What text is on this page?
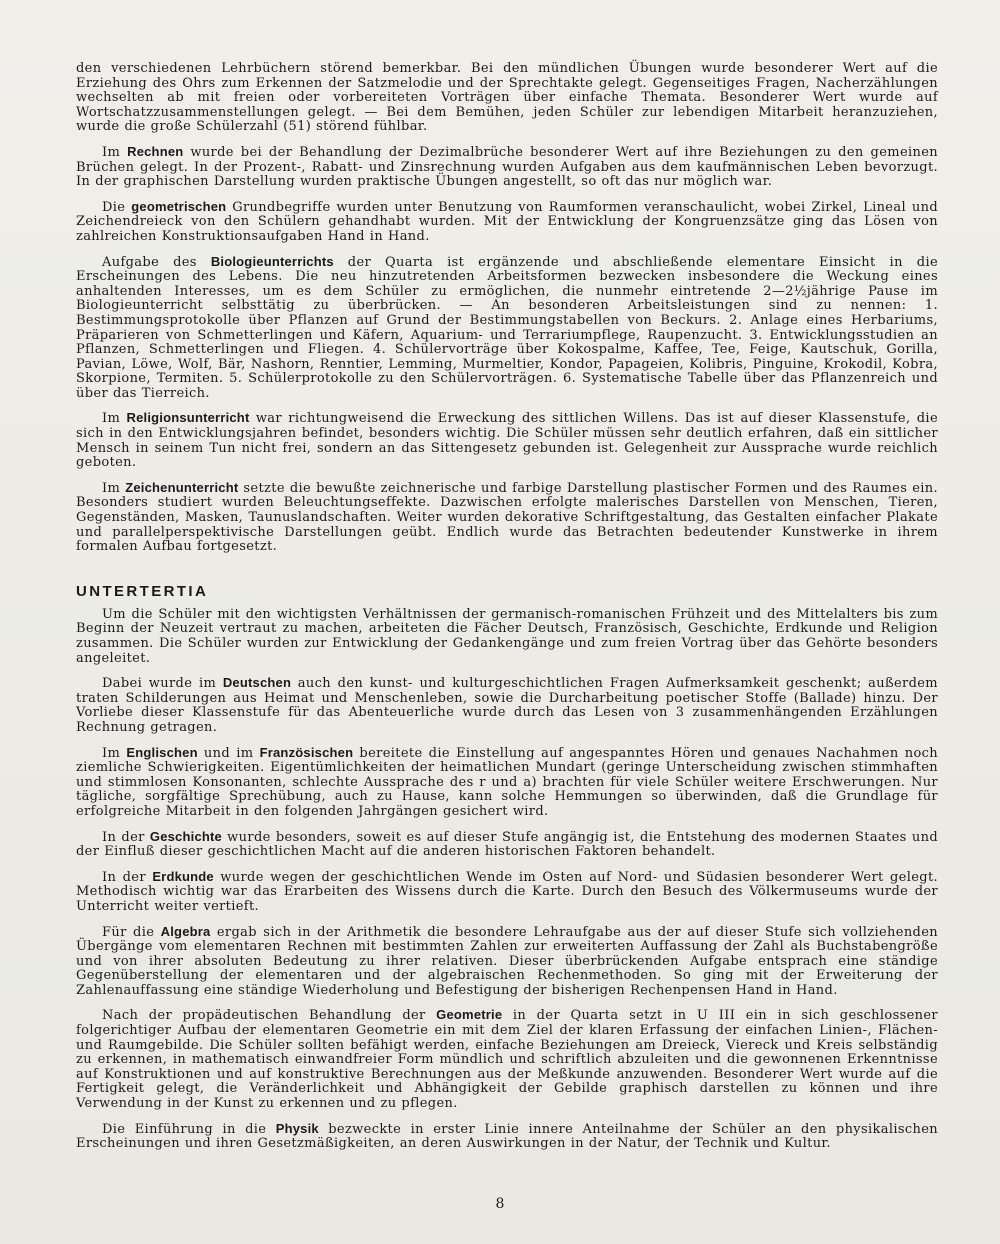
den verschiedenen Lehrbüchern störend bemerkbar. Bei den mündlichen Übungen wurde besonderer Wert auf die Erziehung des Ohrs zum Erkennen der Satzmelodie und der Sprechtakte gelegt. Gegenseitiges Fragen, Nacherzählungen wechselten ab mit freien oder vorbereiteten Vorträgen über einfache Themata. Besonderer Wert wurde auf Wortschatzzusammenstellungen gelegt. — Bei dem Bemühen, jeden Schüler zur lebendigen Mitarbeit heranzuziehen, wurde die große Schülerzahl (51) störend fühlbar.

Im Rechnen wurde bei der Behandlung der Dezimalbrüche besonderer Wert auf ihre Beziehungen zu den gemeinen Brüchen gelegt. In der Prozent-, Rabatt- und Zinsrechnung wurden Aufgaben aus dem kaufmännischen Leben bevorzugt. In der graphischen Darstellung wurden praktische Übungen angestellt, so oft das nur möglich war.

Die geometrischen Grundbegriffe wurden unter Benutzung von Raumformen veranschaulicht, wobei Zirkel, Lineal und Zeichendreieck von den Schülern gehandhabt wurden. Mit der Entwicklung der Kongruenzsätze ging das Lösen von zahlreichen Konstruktionsaufgaben Hand in Hand.

Aufgabe des Biologieunterrichts der Quarta ist ergänzende und abschließende elementare Einsicht in die Erscheinungen des Lebens. Die neu hinzutretenden Arbeitsformen bezwecken insbesondere die Weckung eines anhaltenden Interesses, um es dem Schüler zu ermöglichen, die nunmehr eintretende 2—2½jährige Pause im Biologieunterricht selbsttätig zu überbrücken. — An besonderen Arbeitsleistungen sind zu nennen: 1. Bestimmungsprotokolle über Pflanzen auf Grund der Bestimmungstabellen von Beckurs. 2. Anlage eines Herbariums, Präparieren von Schmetterlingen und Käfern, Aquarium- und Terrariumpflege, Raupenzucht. 3. Entwicklungsstudien an Pflanzen, Schmetterlingen und Fliegen. 4. Schülervorträge über Kokospalme, Kaffee, Tee, Feige, Kautschuk, Gorilla, Pavian, Löwe, Wolf, Bär, Nashorn, Renntier, Lemming, Murmeltier, Kondor, Papageien, Kolibris, Pinguine, Krokodil, Kobra, Skorpione, Termiten. 5. Schülerprotokolle zu den Schülervorträgen. 6. Systematische Tabelle über das Pflanzenreich und über das Tierreich.

Im Religionsunterricht war richtungweisend die Erweckung des sittlichen Willens. Das ist auf dieser Klassenstufe, die sich in den Entwicklungsjahren befindet, besonders wichtig. Die Schüler müssen sehr deutlich erfahren, daß ein sittlicher Mensch in seinem Tun nicht frei, sondern an das Sittengesetz gebunden ist. Gelegenheit zur Aussprache wurde reichlich geboten.

Im Zeichenunterricht setzte die bewußte zeichnerische und farbige Darstellung plastischer Formen und des Raumes ein. Besonders studiert wurden Beleuchtungseffekte. Dazwischen erfolgte malerisches Darstellen von Menschen, Tieren, Gegenständen, Masken, Taunuslandschaften. Weiter wurden dekorative Schriftgestaltung, das Gestalten einfacher Plakate und parallelperspektivische Darstellungen geübt. Endlich wurde das Betrachten bedeutender Kunstwerke in ihrem formalen Aufbau fortgesetzt.

UNTERTERTIA

Um die Schüler mit den wichtigsten Verhältnissen der germanisch-romanischen Frühzeit und des Mittelalters bis zum Beginn der Neuzeit vertraut zu machen, arbeiteten die Fächer Deutsch, Französisch, Geschichte, Erdkunde und Religion zusammen. Die Schüler wurden zur Entwicklung der Gedankengänge und zum freien Vortrag über das Gehörte besonders angeleitet.

Dabei wurde im Deutschen auch den kunst- und kulturgeschichtlichen Fragen Aufmerksamkeit geschenkt; außerdem traten Schilderungen aus Heimat und Menschenleben, sowie die Durcharbeitung poetischer Stoffe (Ballade) hinzu. Der Vorliebe dieser Klassenstufe für das Abenteuerliche wurde durch das Lesen von 3 zusammenhängenden Erzählungen Rechnung getragen.

Im Englischen und im Französischen bereitete die Einstellung auf angespanntes Hören und genaues Nachahmen noch ziemliche Schwierigkeiten. Eigentümlichkeiten der heimatlichen Mundart (geringe Unterscheidung zwischen stimmhaften und stimmlosen Konsonanten, schlechte Aussprache des r und a) brachten für viele Schüler weitere Erschwerungen. Nur tägliche, sorgfältige Sprechübung, auch zu Hause, kann solche Hemmungen so überwinden, daß die Grundlage für erfolgreiche Mitarbeit in den folgenden Jahrgängen gesichert wird.

In der Geschichte wurde besonders, soweit es auf dieser Stufe angängig ist, die Entstehung des modernen Staates und der Einfluß dieser geschichtlichen Macht auf die anderen historischen Faktoren behandelt.

In der Erdkunde wurde wegen der geschichtlichen Wende im Osten auf Nord- und Südasien besonderer Wert gelegt. Methodisch wichtig war das Erarbeiten des Wissens durch die Karte. Durch den Besuch des Völkermuseums wurde der Unterricht weiter vertieft.

Für die Algebra ergab sich in der Arithmetik die besondere Lehraufgabe aus der auf dieser Stufe sich vollziehenden Übergänge vom elementaren Rechnen mit bestimmten Zahlen zur erweiterten Auffassung der Zahl als Buchstabengröße und von ihrer absoluten Bedeutung zu ihrer relativen. Dieser überbrückenden Aufgabe entsprach eine ständige Gegenüberstellung der elementaren und der algebraischen Rechenmethoden. So ging mit der Erweiterung der Zahlenauffassung eine ständige Wiederholung und Befestigung der bisherigen Rechenpensen Hand in Hand.

Nach der propädeutischen Behandlung der Geometrie in der Quarta setzt in U III ein in sich geschlossener folgerichtiger Aufbau der elementaren Geometrie ein mit dem Ziel der klaren Erfassung der einfachen Linien-, Flächen- und Raumgebilde. Die Schüler sollten befähigt werden, einfache Beziehungen am Dreieck, Viereck und Kreis selbständig zu erkennen, in mathematisch einwandfreier Form mündlich und schriftlich abzuleiten und die gewonnenen Erkenntnisse auf Konstruktionen und auf konstruktive Berechnungen aus der Meßkunde anzuwenden. Besonderer Wert wurde auf die Fertigkeit gelegt, die Veränderlichkeit und Abhängigkeit der Gebilde graphisch darstellen zu können und ihre Verwendung in der Kunst zu erkennen und zu pflegen.

Die Einführung in die Physik bezweckte in erster Linie innere Anteilnahme der Schüler an den physikalischen Erscheinungen und ihren Gesetzmäßigkeiten, an deren Auswirkungen in der Natur, der Technik und Kultur.

8
